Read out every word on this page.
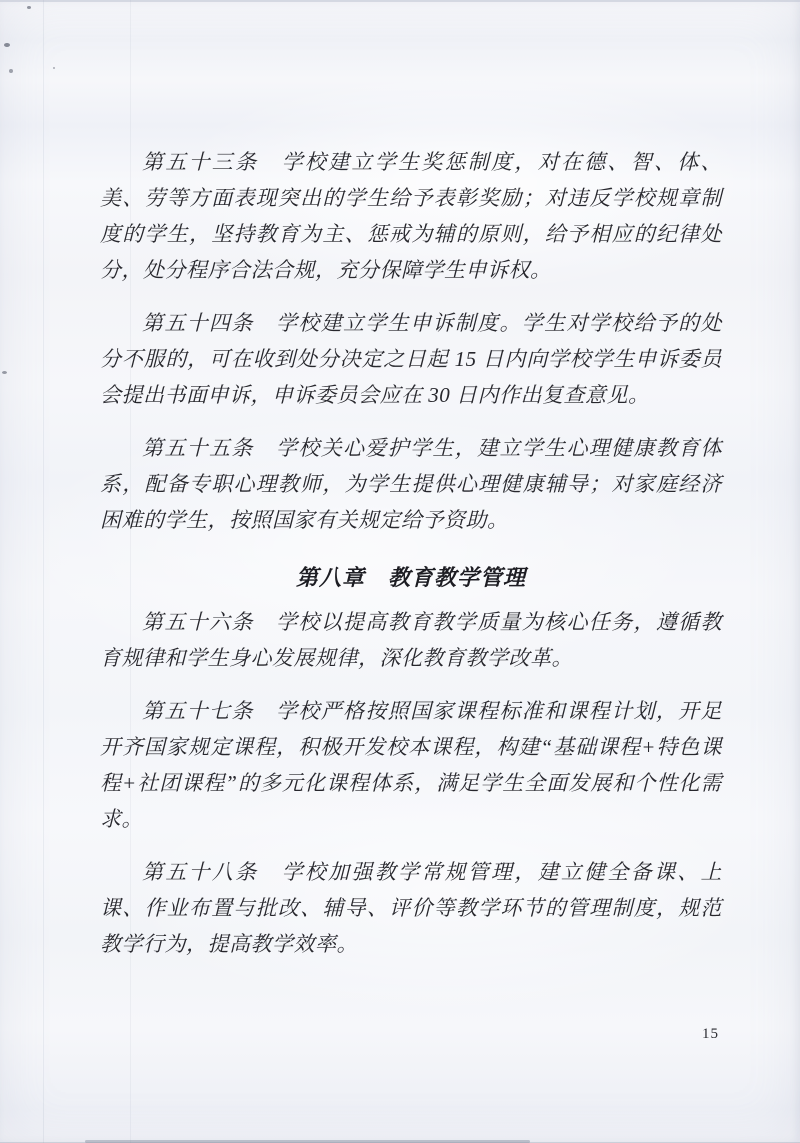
第五十三条　学校建立学生奖惩制度，对在德、智、体、美、劳等方面表现突出的学生给予表彰奖励；对违反学校规章制度的学生，坚持教育为主、惩戒为辅的原则，给予相应的纪律处分，处分程序合法合规，充分保障学生申诉权。

第五十四条　学校建立学生申诉制度。学生对学校给予的处分不服的，可在收到处分决定之日起 15 日内向学校学生申诉委员会提出书面申诉，申诉委员会应在 30 日内作出复查意见。

第五十五条　学校关心爱护学生，建立学生心理健康教育体系，配备专职心理教师，为学生提供心理健康辅导；对家庭经济困难的学生，按照国家有关规定给予资助。

第八章　教育教学管理

第五十六条　学校以提高教育教学质量为核心任务，遵循教育规律和学生身心发展规律，深化教育教学改革。

第五十七条　学校严格按照国家课程标准和课程计划，开足开齐国家规定课程，积极开发校本课程，构建“基础课程+特色课程+社团课程”的多元化课程体系，满足学生全面发展和个性化需求。

第五十八条　学校加强教学常规管理，建立健全备课、上课、作业布置与批改、辅导、评价等教学环节的管理制度，规范教学行为，提高教学效率。

15
